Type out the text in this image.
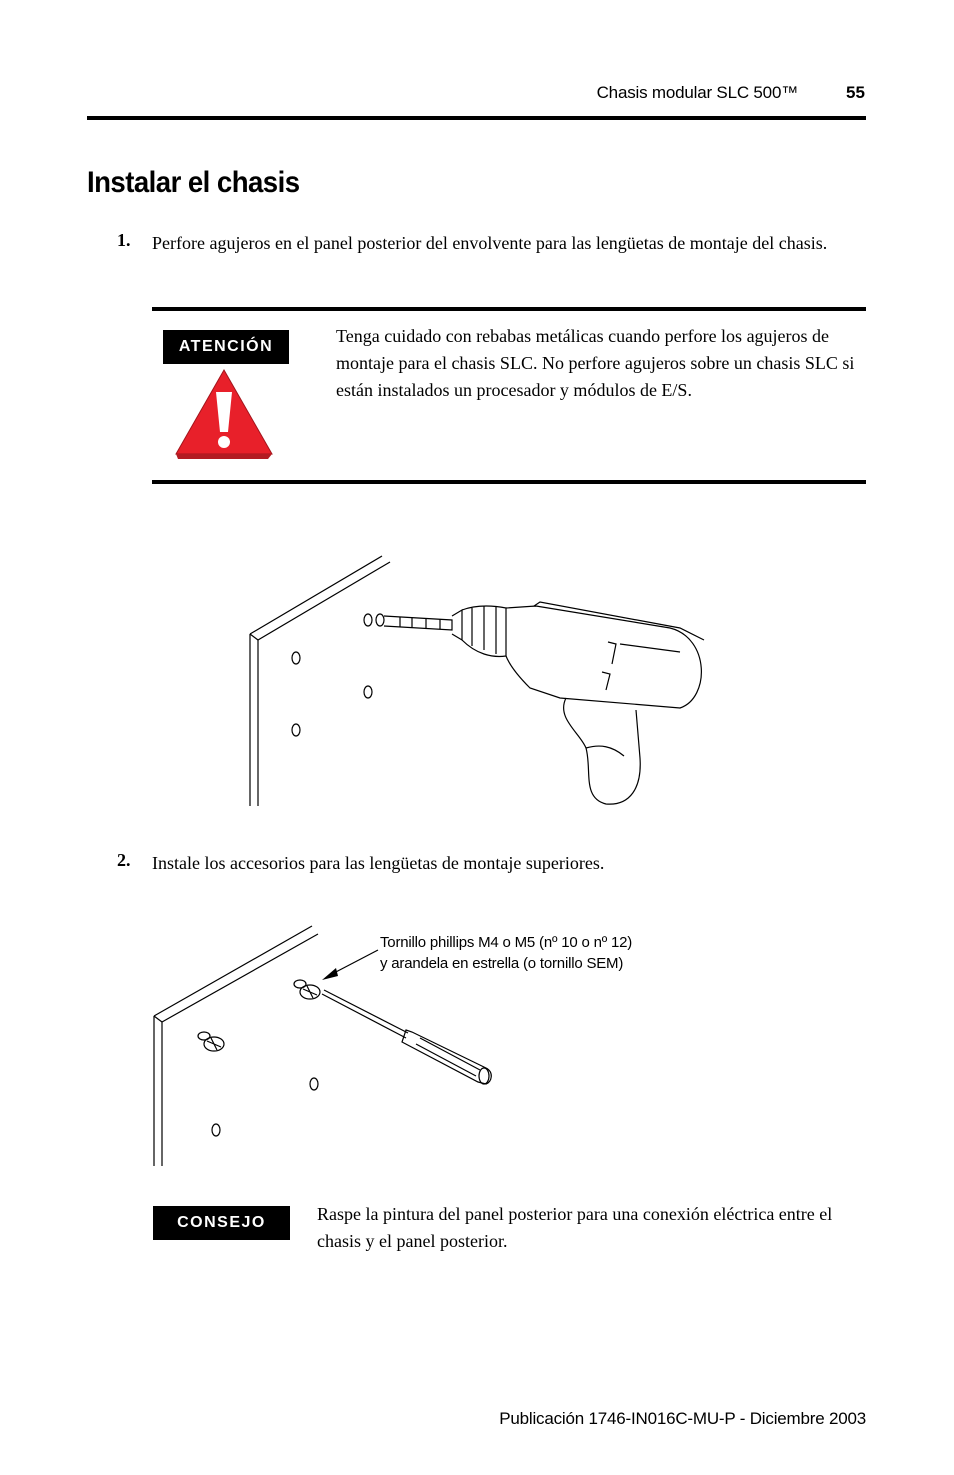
Chasis modular SLC 500™	55
Instalar el chasis
1. Perfore agujeros en el panel posterior del envolvente para las lengüetas de montaje del chasis.
ATENCIÓN
Tenga cuidado con rebabas metálicas cuando perfore los agujeros de montaje para el chasis SLC. No perfore agujeros sobre un chasis SLC si están instalados un procesador y módulos de E/S.
2. Instale los accesorios para las lengüetas de montaje superiores.
Tornillo phillips M4 o M5 (nº 10 o nº 12)
y arandela en estrella (o tornillo SEM)
CONSEJO	Raspe la pintura del panel posterior para una conexión eléctrica entre el chasis y el panel posterior.
Publicación 1746-IN016C-MU-P - Diciembre 2003
